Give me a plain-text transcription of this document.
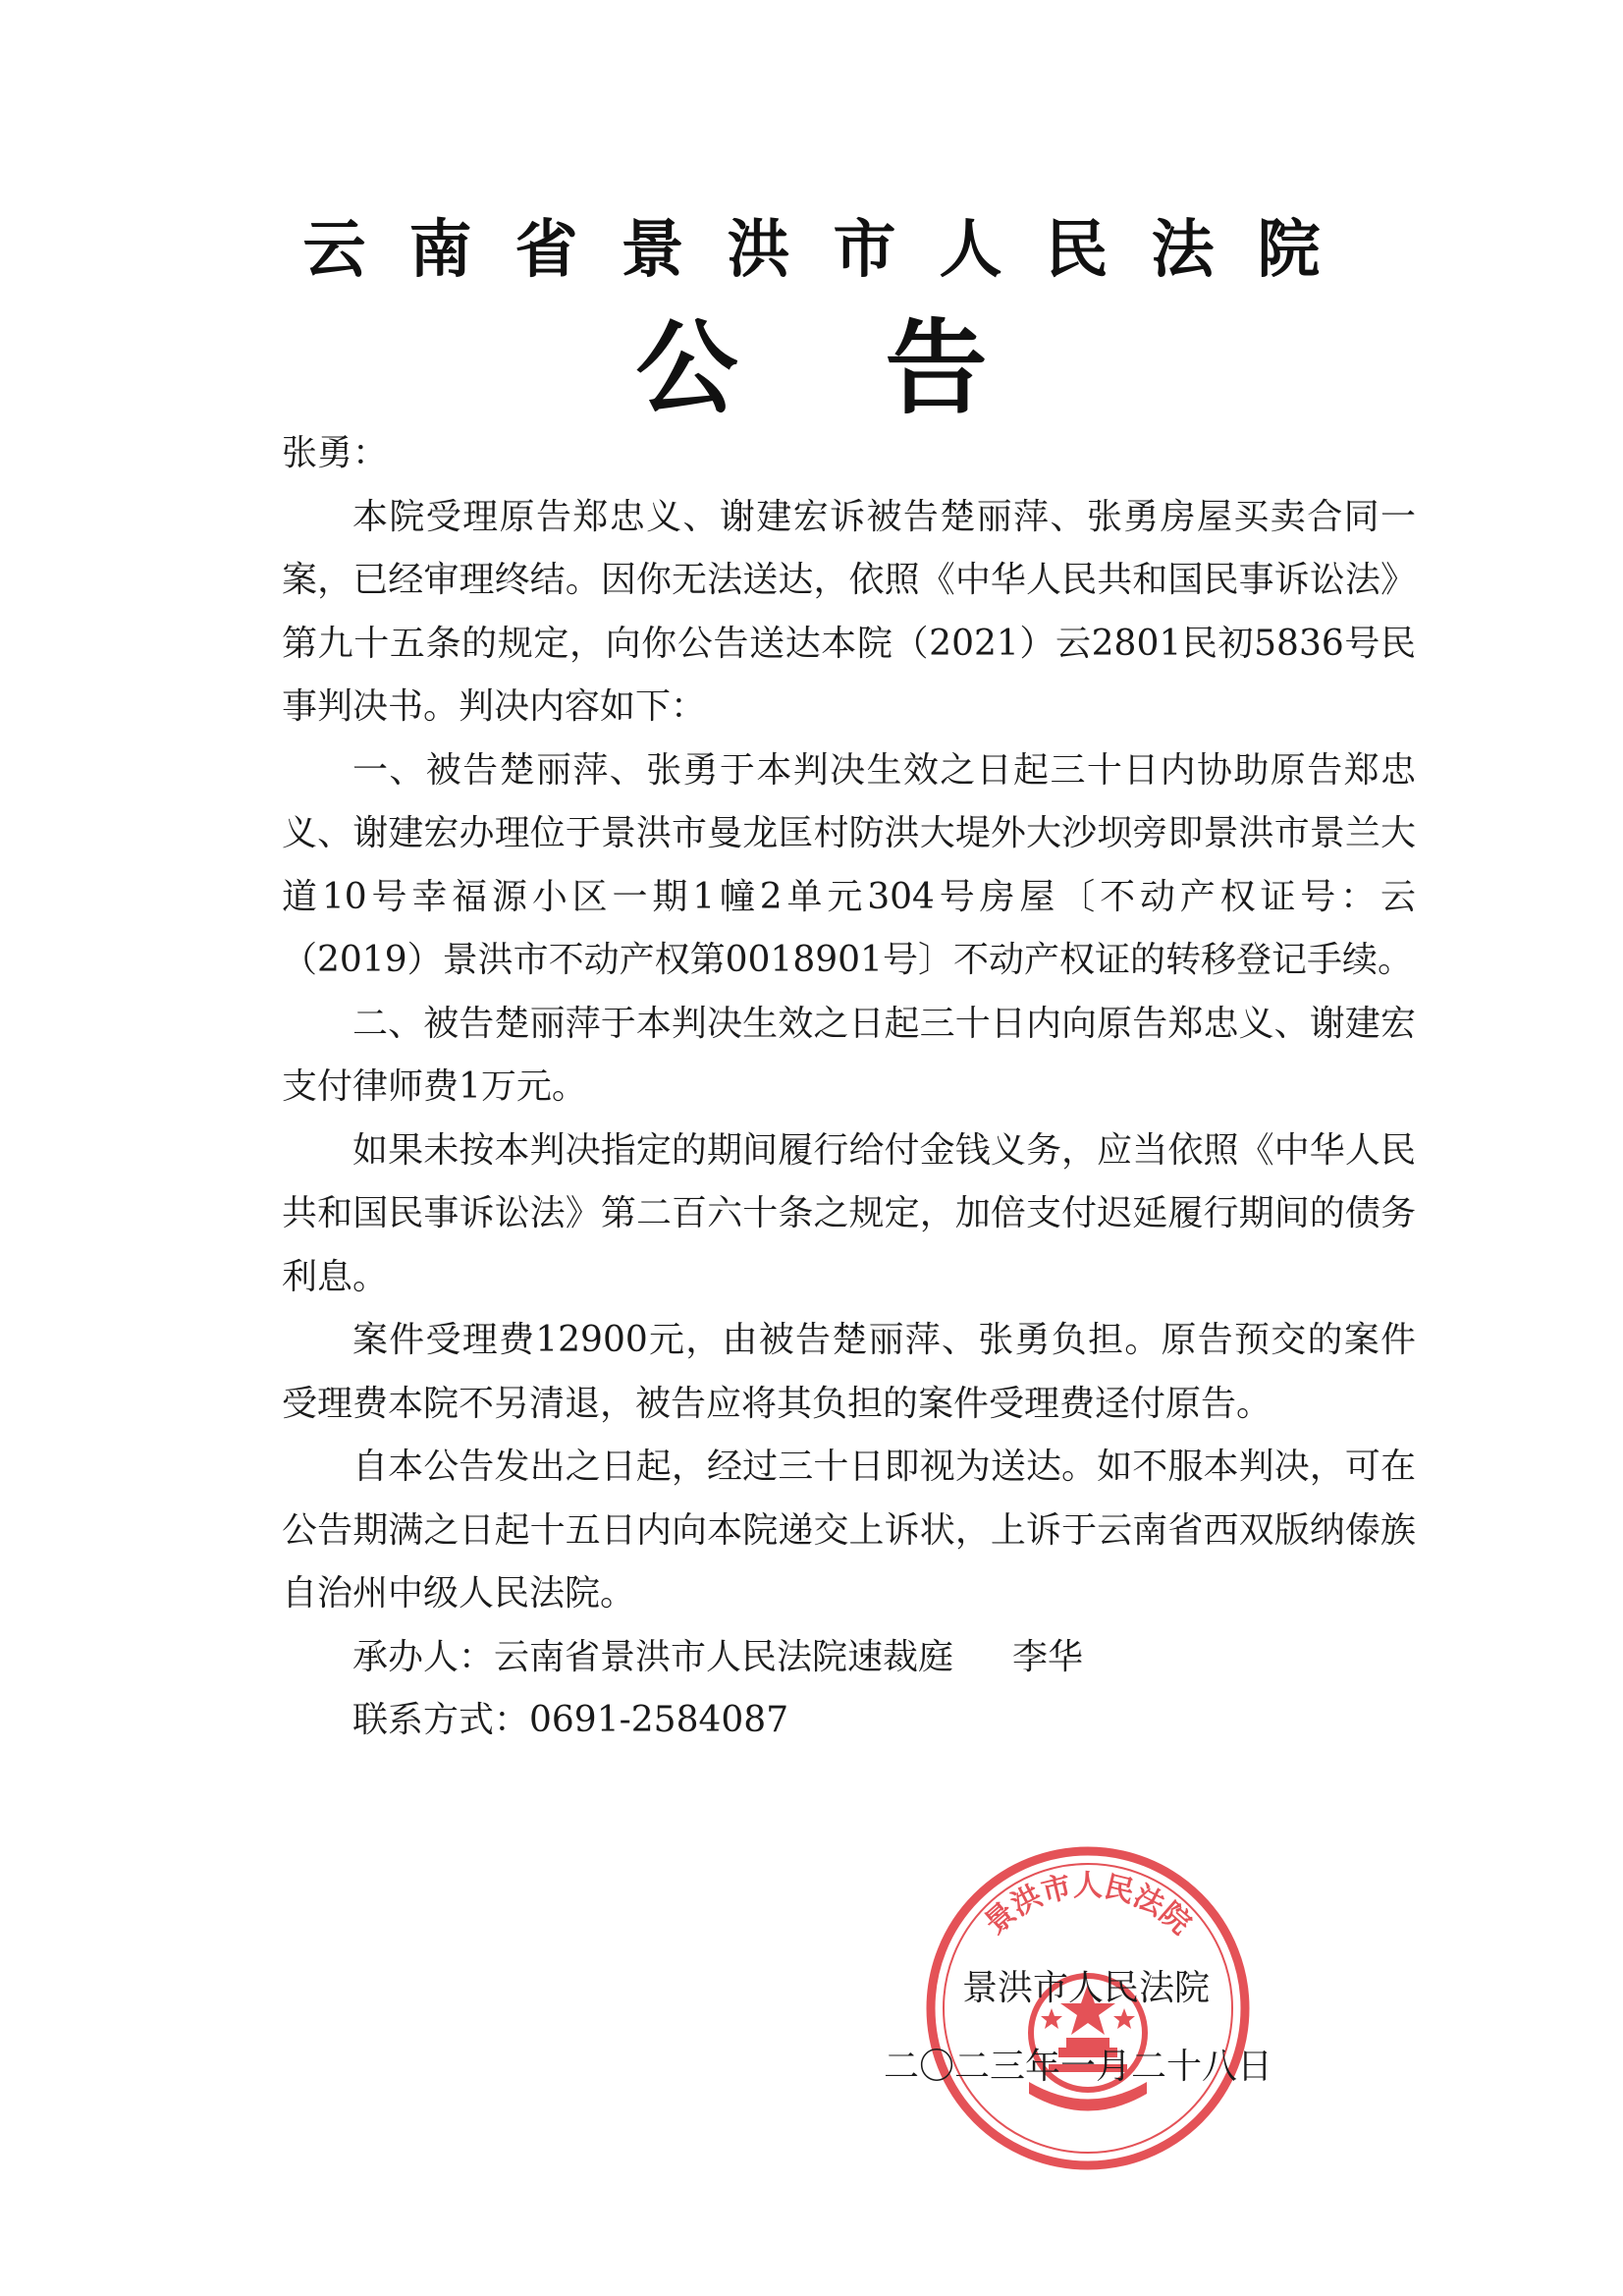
云南省景洪市人民法院
公告

张勇：

本院受理原告郑忠义、谢建宏诉被告楚丽萍、张勇房屋买卖合同一案，已经审理终结。因你无法送达，依照《中华人民共和国民事诉讼法》第九十五条的规定，向你公告送达本院（2021）云2801民初5836号民事判决书。判决内容如下：

一、被告楚丽萍、张勇于本判决生效之日起三十日内协助原告郑忠义、谢建宏办理位于景洪市曼龙匡村防洪大堤外大沙坝旁即景洪市景兰大道10号幸福源小区一期1幢2单元304号房屋〔不动产权证号：云（2019）景洪市不动产权第0018901号〕不动产权证的转移登记手续。

二、被告楚丽萍于本判决生效之日起三十日内向原告郑忠义、谢建宏支付律师费1万元。

如果未按本判决指定的期间履行给付金钱义务，应当依照《中华人民共和国民事诉讼法》第二百六十条之规定，加倍支付迟延履行期间的债务利息。

案件受理费12900元，由被告楚丽萍、张勇负担。原告预交的案件受理费本院不另清退，被告应将其负担的案件受理费迳付原告。

自本公告发出之日起，经过三十日即视为送达。如不服本判决，可在公告期满之日起十五日内向本院递交上诉状，上诉于云南省西双版纳傣族自治州中级人民法院。

承办人：云南省景洪市人民法院速裁庭 李华

联系方式：0691-2584087

景洪市人民法院
景洪市人民法院
二〇二三年一月二十八日
